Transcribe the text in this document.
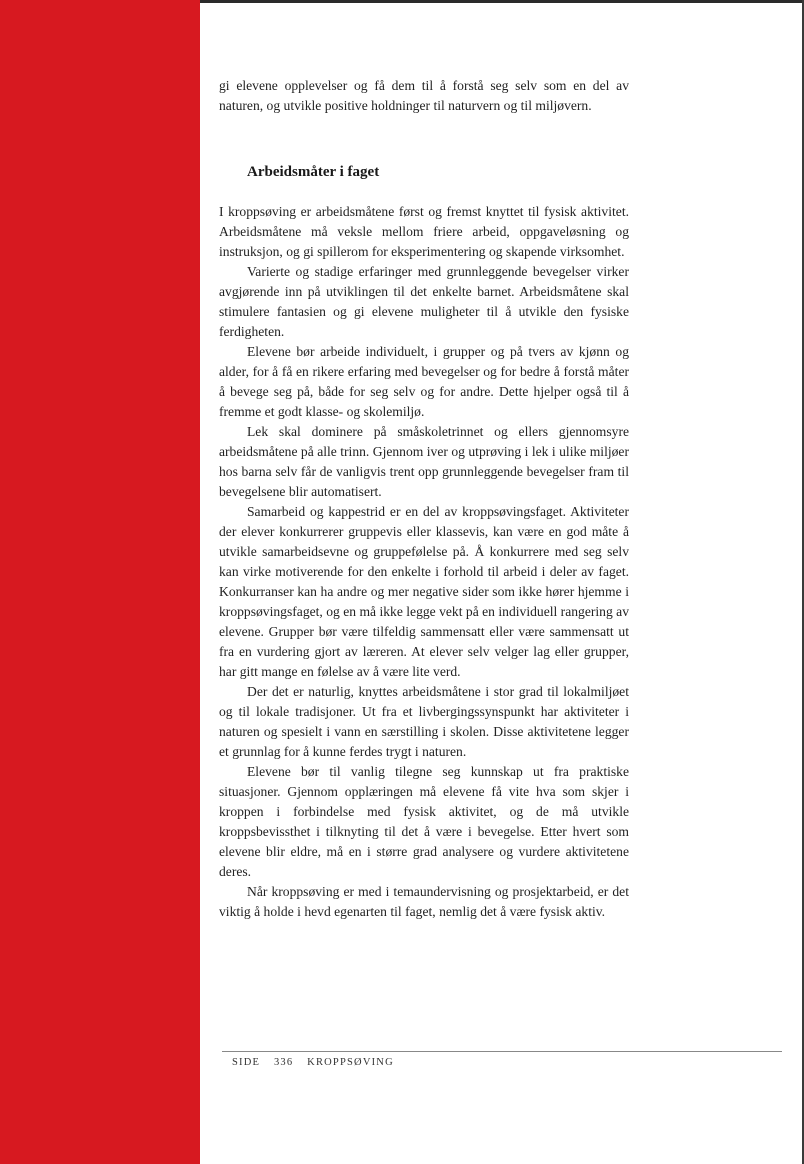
gi elevene opplevelser og få dem til å forstå seg selv som en del av naturen, og utvikle positive holdninger til naturvern og til miljøvern.

Arbeidsmåter i faget

I kroppsøving er arbeidsmåtene først og fremst knyttet til fysisk aktivitet. Arbeidsmåtene må veksle mellom friere arbeid, oppgaveløsning og instruksjon, og gi spillerom for eksperimentering og skapende virksomhet.

Varierte og stadige erfaringer med grunnleggende bevegelser virker avgjørende inn på utviklingen til det enkelte barnet. Arbeidsmåtene skal stimulere fantasien og gi elevene muligheter til å utvikle den fysiske ferdigheten.

Elevene bør arbeide individuelt, i grupper og på tvers av kjønn og alder, for å få en rikere erfaring med bevegelser og for bedre å forstå måter å bevege seg på, både for seg selv og for andre. Dette hjelper også til å fremme et godt klasse- og skolemiljø.

Lek skal dominere på småskoletrinnet og ellers gjennomsyre arbeidsmåtene på alle trinn. Gjennom iver og utprøving i lek i ulike miljøer hos barna selv får de vanligvis trent opp grunnleggende bevegelser fram til bevegelsene blir automatisert.

Samarbeid og kappestrid er en del av kroppsøvingsfaget. Aktiviteter der elever konkurrerer gruppevis eller klassevis, kan være en god måte å utvikle samarbeidsevne og gruppefølelse på. Å konkurrere med seg selv kan virke motiverende for den enkelte i forhold til arbeid i deler av faget. Konkurranser kan ha andre og mer negative sider som ikke hører hjemme i kroppsøvingsfaget, og en må ikke legge vekt på en individuell rangering av elevene. Grupper bør være tilfeldig sammensatt eller være sammensatt ut fra en vurdering gjort av læreren. At elever selv velger lag eller grupper, har gitt mange en følelse av å være lite verd.

Der det er naturlig, knyttes arbeidsmåtene i stor grad til lokalmiljøet og til lokale tradisjoner. Ut fra et livbergingssynspunkt har aktiviteter i naturen og spesielt i vann en særstilling i skolen. Disse aktivitetene legger et grunnlag for å kunne ferdes trygt i naturen.

Elevene bør til vanlig tilegne seg kunnskap ut fra praktiske situasjoner. Gjennom opplæringen må elevene få vite hva som skjer i kroppen i forbindelse med fysisk aktivitet, og de må utvikle kroppsbevissthet i tilknyting til det å være i bevegelse. Etter hvert som elevene blir eldre, må en i større grad analysere og vurdere aktivitetene deres.

Når kroppsøving er med i temaundervisning og prosjektarbeid, er det viktig å holde i hevd egenarten til faget, nemlig det å være fysisk aktiv.

SIDE 336 KROPPSØVING
